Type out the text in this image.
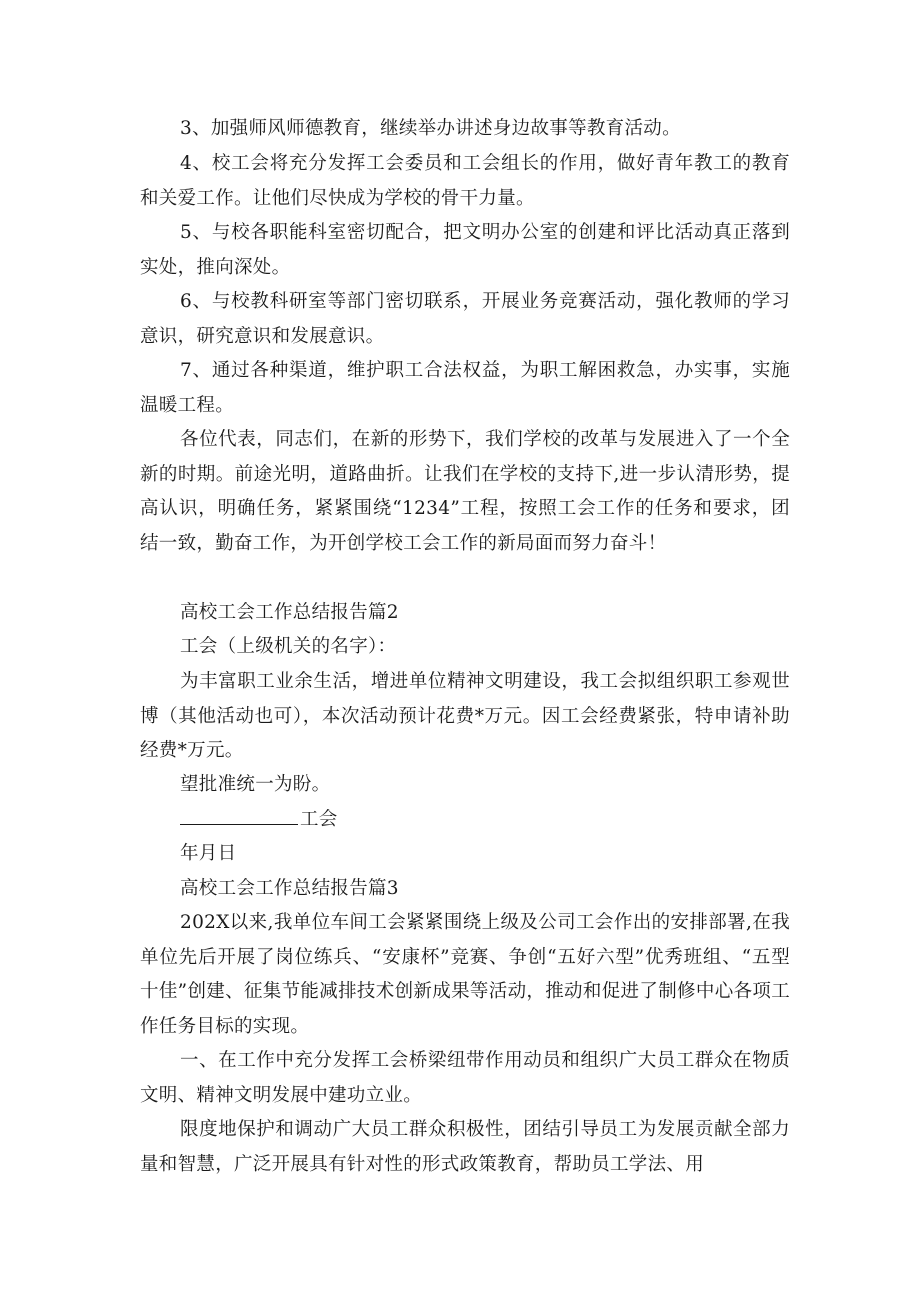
3、加强师风师德教育，继续举办讲述身边故事等教育活动。

4、校工会将充分发挥工会委员和工会组长的作用，做好青年教工的教育和关爱工作。让他们尽快成为学校的骨干力量。

5、与校各职能科室密切配合，把文明办公室的创建和评比活动真正落到实处，推向深处。

6、与校教科研室等部门密切联系，开展业务竞赛活动，强化教师的学习意识，研究意识和发展意识。

7、通过各种渠道，维护职工合法权益，为职工解困救急，办实事，实施温暖工程。

各位代表，同志们，在新的形势下，我们学校的改革与发展进入了一个全新的时期。前途光明，道路曲折。让我们在学校的支持下,进一步认清形势，提高认识，明确任务，紧紧围绕“1234”工程，按照工会工作的任务和要求，团结一致，勤奋工作，为开创学校工会工作的新局面而努力奋斗！

高校工会工作总结报告篇2

工会（上级机关的名字）：

为丰富职工业余生活，增进单位精神文明建设，我工会拟组织职工参观世博（其他活动也可），本次活动预计花费*万元。因工会经费紧张，特申请补助经费*万元。

望批准统一为盼。

工会

年月日

高校工会工作总结报告篇3

202X以来,我单位车间工会紧紧围绕上级及公司工会作出的安排部署,在我单位先后开展了岗位练兵、“安康杯”竞赛、争创“五好六型”优秀班组、“五型十佳”创建、征集节能减排技术创新成果等活动，推动和促进了制修中心各项工作任务目标的实现。

一、在工作中充分发挥工会桥梁纽带作用动员和组织广大员工群众在物质文明、精神文明发展中建功立业。

限度地保护和调动广大员工群众积极性，团结引导员工为发展贡献全部力量和智慧，广泛开展具有针对性的形式政策教育，帮助员工学法、用
